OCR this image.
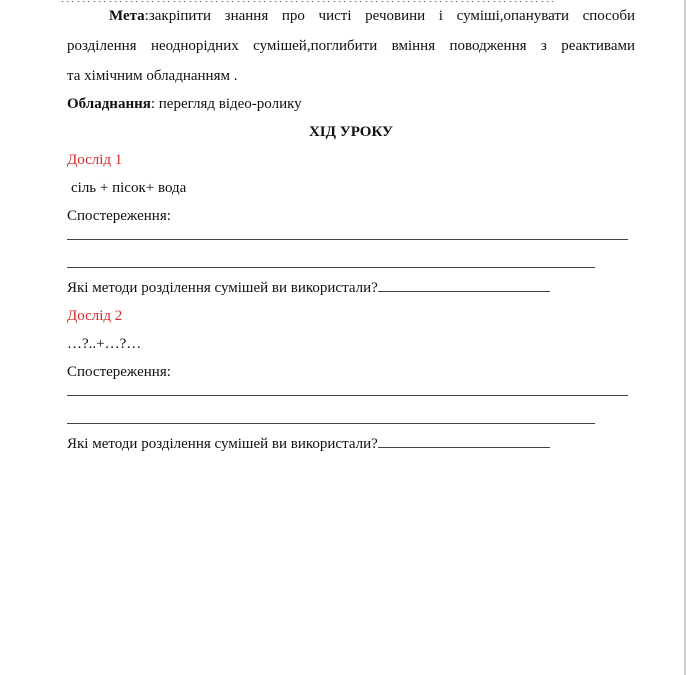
Мета:закріпити знання про чисті речовини і суміші,опанувати способи

розділення неоднорідних сумішей,поглибити вміння поводження з реактивами

та хімічним обладнанням .

Обладнання: перегляд відео-ролику

ХІД УРОКУ

Дослід 1

сіль + пісок+ вода

Спостереження:

Які методи розділення сумішей ви використали?

Дослід 2

…?..+…?…

Спостереження:

Які методи розділення сумішей ви використали?
